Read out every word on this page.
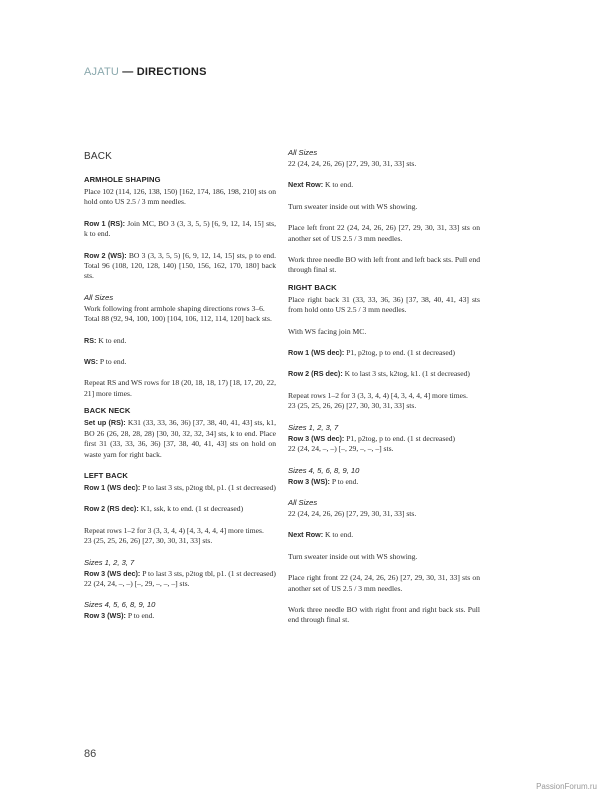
AJATU — DIRECTIONS
BACK
ARMHOLE SHAPING
Place 102 (114, 126, 138, 150) [162, 174, 186, 198, 210] sts on hold onto US 2.5 / 3 mm needles.
Row 1 (RS): Join MC, BO 3 (3, 3, 5, 5) [6, 9, 12, 14, 15] sts, k to end.
Row 2 (WS): BO 3 (3, 3, 5, 5) [6, 9, 12, 14, 15] sts, p to end. Total 96 (108, 120, 128, 140) [150, 156, 162, 170, 180] back sts.
All Sizes
Work following front armhole shaping directions rows 3–6.
Total 88 (92, 94, 100, 100) [104, 106, 112, 114, 120] back sts.
RS: K to end.
WS: P to end.
Repeat RS and WS rows for 18 (20, 18, 18, 17) [18, 17, 20, 22, 21] more times.
BACK NECK
Set up (RS): K31 (33, 33, 36, 36) [37, 38, 40, 41, 43] sts, k1, BO 26 (26, 28, 28, 28) [30, 30, 32, 32, 34] sts, k to end. Place first 31 (33, 33, 36, 36) [37, 38, 40, 41, 43] sts on hold on waste yarn for right back.
LEFT BACK
Row 1 (WS dec): P to last 3 sts, p2tog tbl, p1. (1 st decreased)
Row 2 (RS dec): K1, ssk, k to end. (1 st decreased)
Repeat rows 1–2 for 3 (3, 3, 4, 4) [4, 3, 4, 4, 4] more times.
23 (25, 25, 26, 26) [27, 30, 30, 31, 33] sts.
Sizes 1, 2, 3, 7
Row 3 (WS dec): P to last 3 sts, p2tog tbl, p1. (1 st decreased)
22 (24, 24, –, –) [–, 29, –, –, –] sts.
Sizes 4, 5, 6, 8, 9, 10
Row 3 (WS): P to end.
All Sizes
22 (24, 24, 26, 26) [27, 29, 30, 31, 33] sts.
Next Row: K to end.
Turn sweater inside out with WS showing.
Place left front 22 (24, 24, 26, 26) [27, 29, 30, 31, 33] sts on another set of US 2.5 / 3 mm needles.
Work three needle BO with left front and left back sts. Pull end through final st.
RIGHT BACK
Place right back 31 (33, 33, 36, 36) [37, 38, 40, 41, 43] sts from hold onto US 2.5 / 3 mm needles.
With WS facing join MC.
Row 1 (WS dec): P1, p2tog, p to end. (1 st decreased)
Row 2 (RS dec): K to last 3 sts, k2tog, k1. (1 st decreased)
Repeat rows 1–2 for 3 (3, 3, 4, 4) [4, 3, 4, 4, 4] more times.
23 (25, 25, 26, 26) [27, 30, 30, 31, 33] sts.
Sizes 1, 2, 3, 7
Row 3 (WS dec): P1, p2tog, p to end. (1 st decreased)
22 (24, 24, –, –) [–, 29, –, –, –] sts.
Sizes 4, 5, 6, 8, 9, 10
Row 3 (WS): P to end.
All Sizes
22 (24, 24, 26, 26) [27, 29, 30, 31, 33] sts.
Next Row: K to end.
Turn sweater inside out with WS showing.
Place right front 22 (24, 24, 26, 26) [27, 29, 30, 31, 33] sts on another set of US 2.5 / 3 mm needles.
Work three needle BO with right front and right back sts. Pull end through final st.
86
PassionForum.ru
